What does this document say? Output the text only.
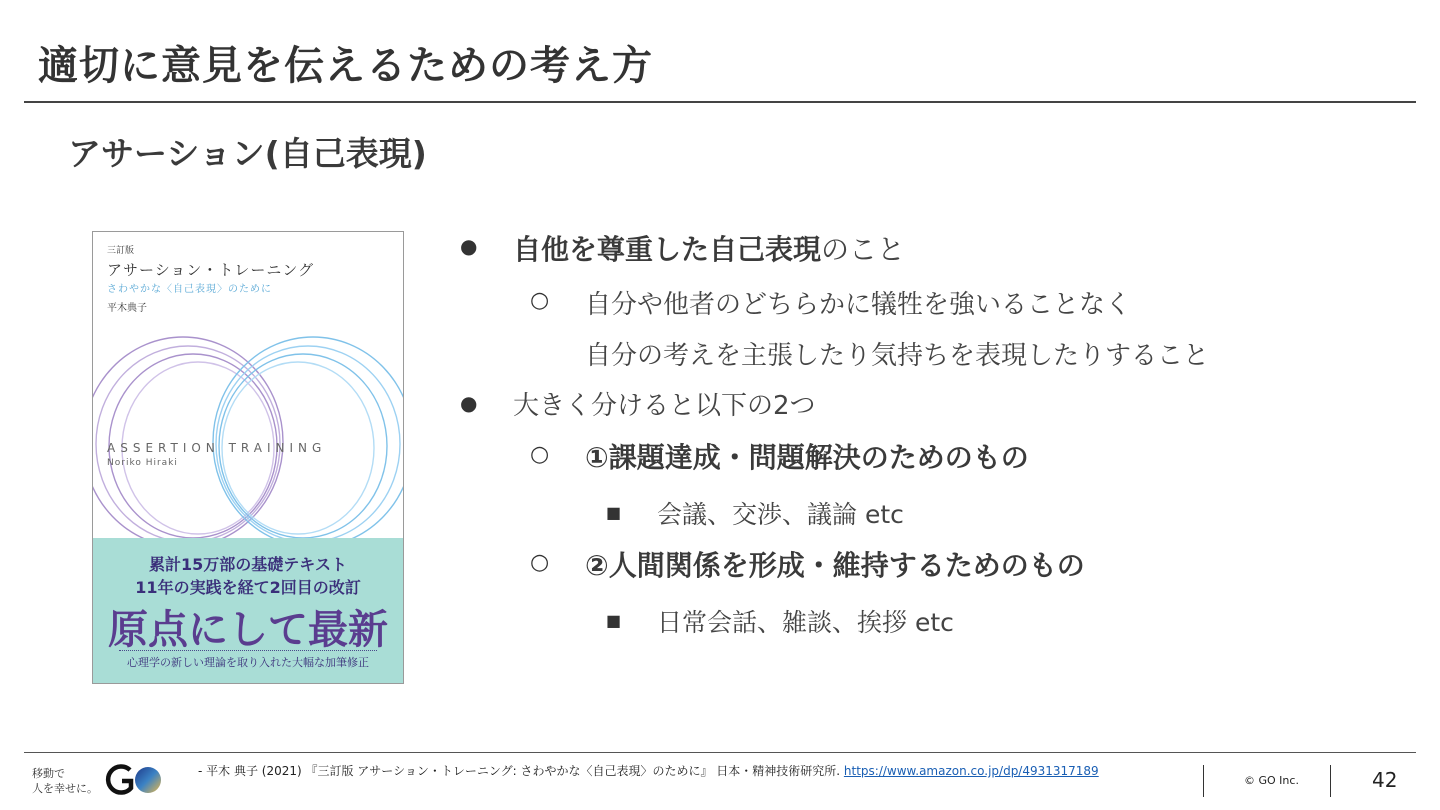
適切に意見を伝えるための考え方
アサーション(自己表現)
三訂版
アサーション・トレーニング
さわやかな〈自己表現〉のために
平木典子
ASSERTION TRAINING
Noriko Hiraki
累計15万部の基礎テキスト
11年の実践を経て2回目の改訂
原点にして最新
心理学の新しい理論を取り入れた大幅な加筆修正
● 自他を尊重した自己表現のこと
○ 自分や他者のどちらかに犠牲を強いることなく
自分の考えを主張したり気持ちを表現したりすること
● 大きく分けると以下の2つ
○ ①課題達成・問題解決のためのもの
■ 会議、交渉、議論 etc
○ ②人間関係を形成・維持するためのもの
■ 日常会話、雑談、挨拶 etc
移動で
人を幸せに。
- 平木 典子 (2021) 『三訂版 アサーション・トレーニング: さわやかな〈自己表現〉のために』 日本・精神技術研究所. https://www.amazon.co.jp/dp/4931317189
© GO Inc.	42
